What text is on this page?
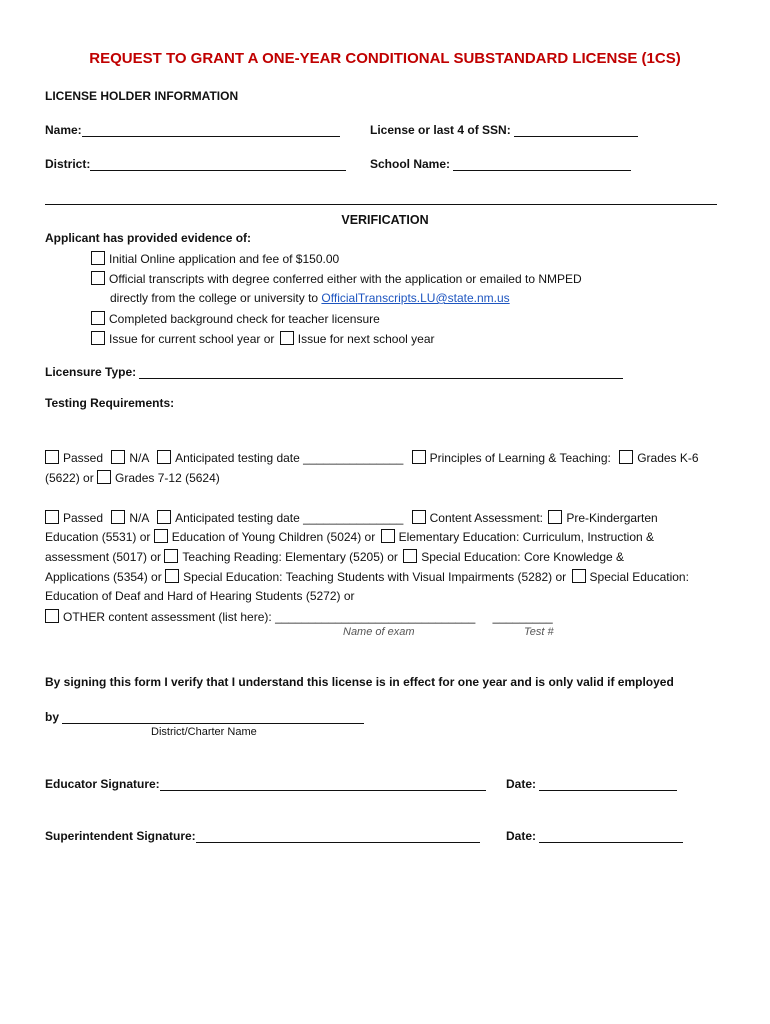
REQUEST TO GRANT A ONE-YEAR CONDITIONAL SUBSTANDARD LICENSE (1CS)
LICENSE HOLDER INFORMATION
Name:	License or last 4 of SSN:
District:	School Name:
VERIFICATION
Applicant has provided evidence of:
Initial Online application and fee of $150.00
Official transcripts with degree conferred either with the application or emailed to NMPED
directly from the college or university to OfficialTranscripts.LU@state.nm.us
Completed background check for teacher licensure
Issue for current school year or Issue for next school year
Licensure Type:
Testing Requirements:
Passed N/A Anticipated testing date _______________ Principles of Learning & Teaching: Grades K-6
(5622) or Grades 7-12 (5624)
Passed N/A Anticipated testing date _______________ Content Assessment: Pre-Kindergarten
Education (5531) or Education of Young Children (5024) or Elementary Education: Curriculum, Instruction &
assessment (5017) or Teaching Reading: Elementary (5205) or Special Education: Core Knowledge &
Applications (5354) or Special Education: Teaching Students with Visual Impairments (5282) or Special Education:
Education of Deaf and Hard of Hearing Students (5272) or
OTHER content assessment (list here): ______________________________ _________
Name of exam	Test #
By signing this form I verify that I understand this license is in effect for one year and is only valid if employed
by
District/Charter Name
Educator Signature:	Date:
Superintendent Signature:	Date:
